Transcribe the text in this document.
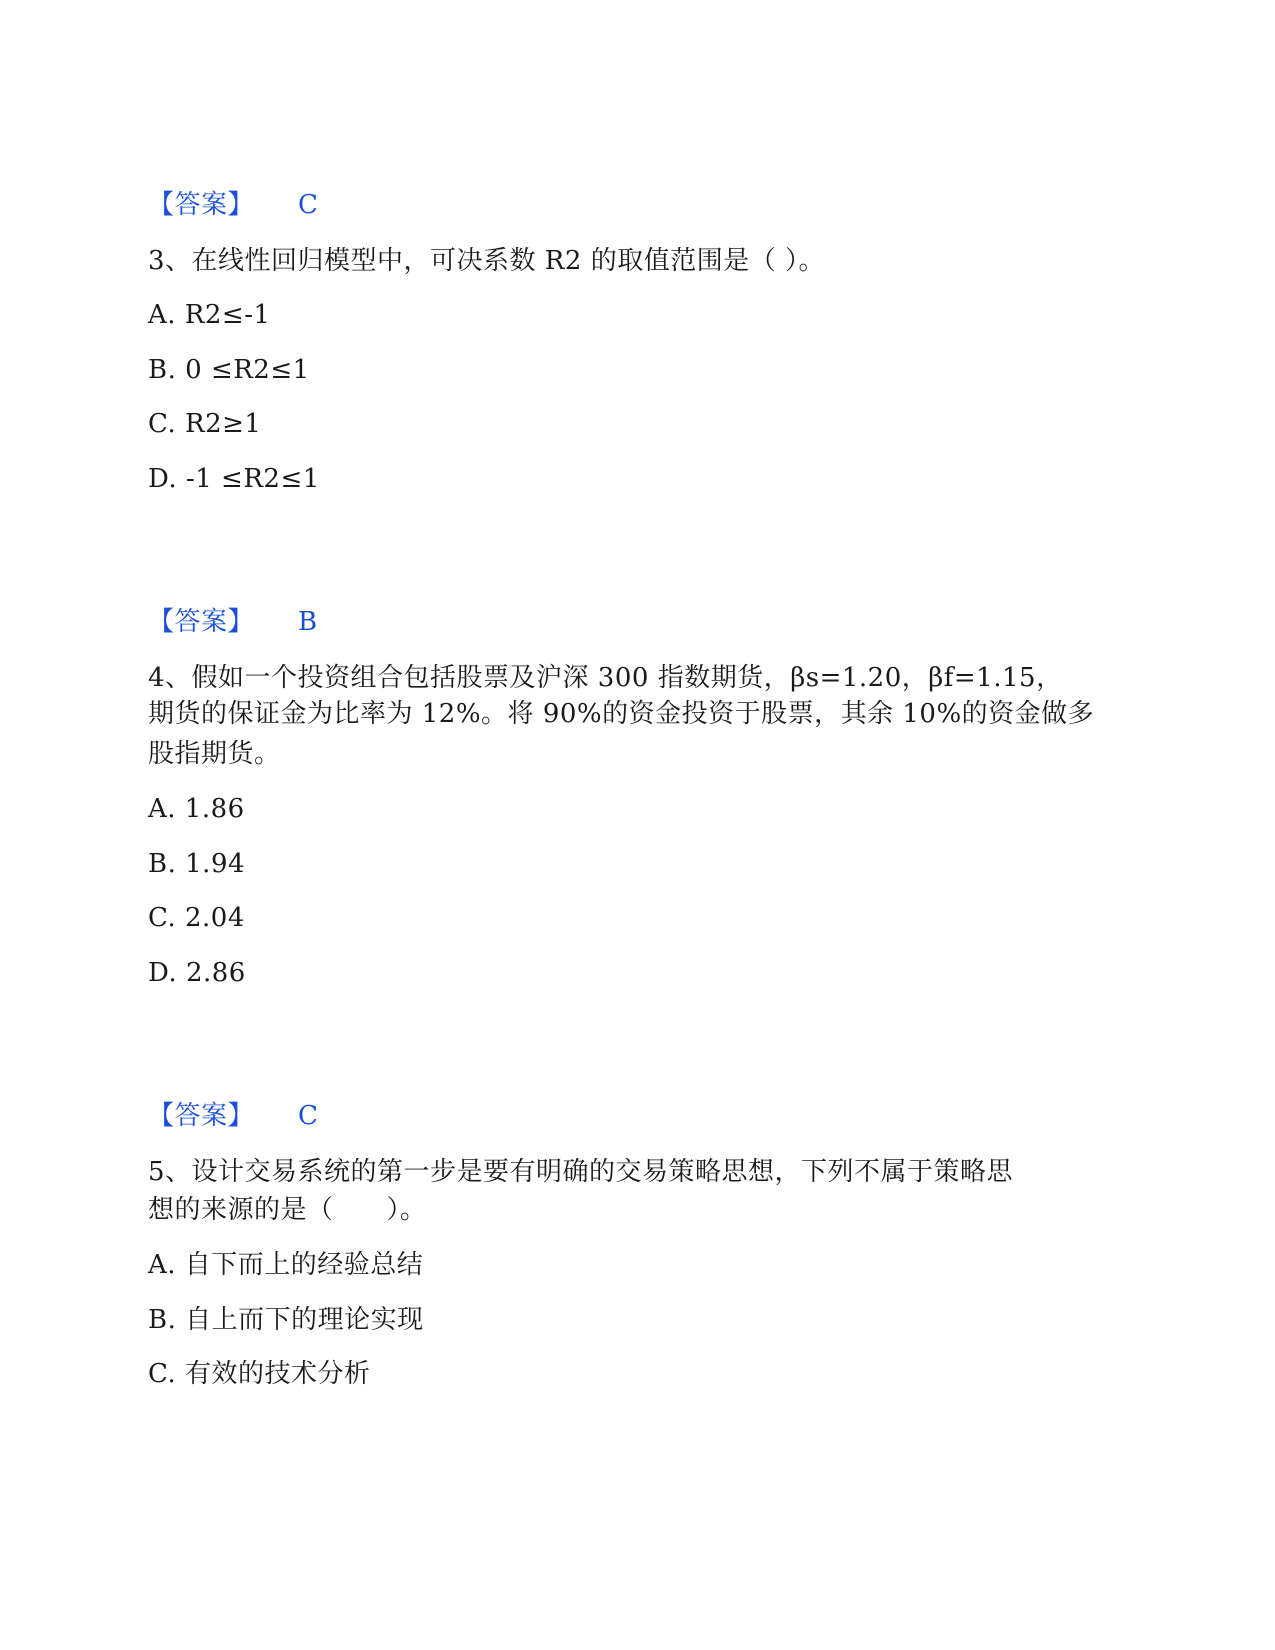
【答案】 C
3、在线性回归模型中，可决系数 R2 的取值范围是（ ）。
A. R2≤-1
B. 0 ≤R2≤1
C. R2≥1
D. -1 ≤R2≤1
【答案】 B
4、假如一个投资组合包括股票及沪深 300 指数期货，βs=1.20，βf=1.15，
期货的保证金为比率为 12%。将 90%的资金投资于股票，其余 10%的资金做多
股指期货。
A. 1.86
B. 1.94
C. 2.04
D. 2.86
【答案】 C
5、设计交易系统的第一步是要有明确的交易策略思想，下列不属于策略思
想的来源的是（　　）。
A. 自下而上的经验总结
B. 自上而下的理论实现
C. 有效的技术分析
